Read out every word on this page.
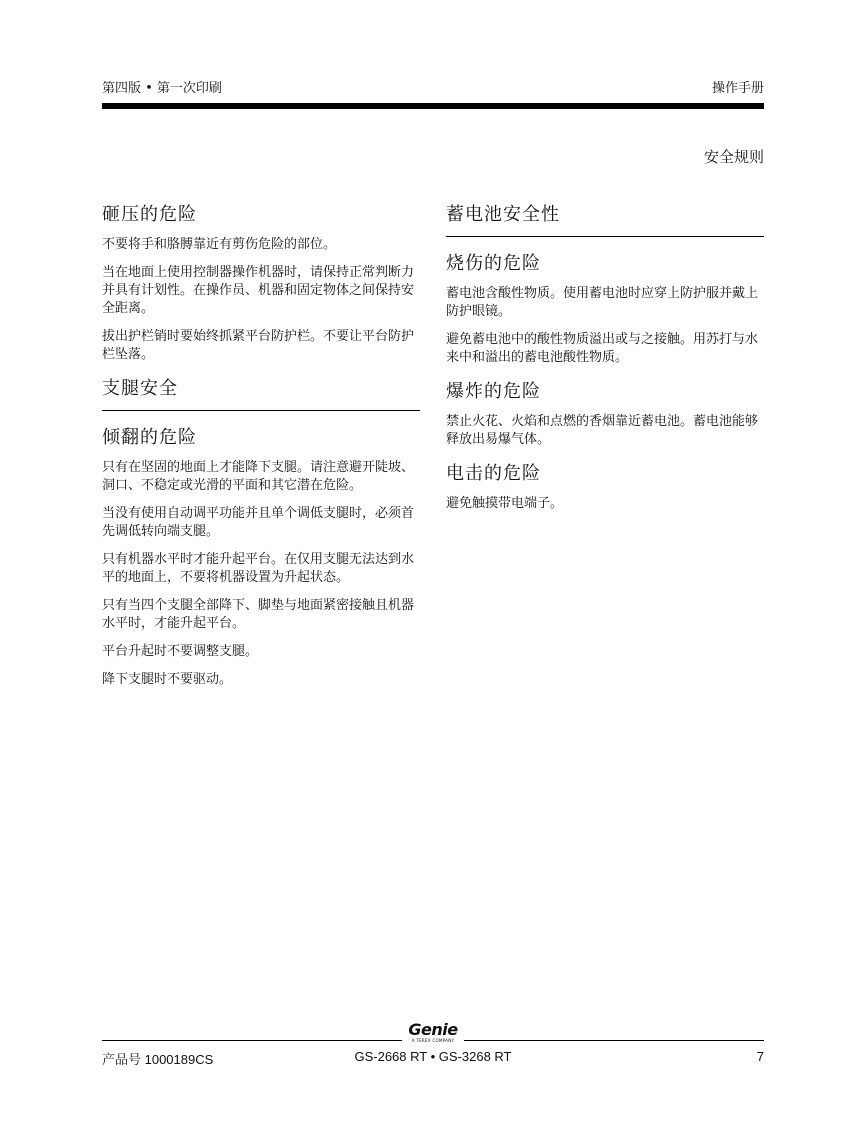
第四版 • 第一次印刷	操作手册
安全规则
砸压的危险

不要将手和胳膊靠近有剪伤危险的部位。

当在地面上使用控制器操作机器时，请保持正常判断力并具有计划性。在操作员、机器和固定物体之间保持安全距离。

拔出护栏销时要始终抓紧平台防护栏。不要让平台防护栏坠落。

支腿安全
倾翻的危险

只有在坚固的地面上才能降下支腿。请注意避开陡坡、洞口、不稳定或光滑的平面和其它潜在危险。

当没有使用自动调平功能并且单个调低支腿时，必须首先调低转向端支腿。

只有机器水平时才能升起平台。在仅用支腿无法达到水平的地面上，不要将机器设置为升起状态。

只有当四个支腿全部降下、脚垫与地面紧密接触且机器水平时，才能升起平台。

平台升起时不要调整支腿。

降下支腿时不要驱动。

蓄电池安全性
烧伤的危险

蓄电池含酸性物质。使用蓄电池时应穿上防护服并戴上防护眼镜。

避免蓄电池中的酸性物质溢出或与之接触。用苏打与水来中和溢出的蓄电池酸性物质。

爆炸的危险

禁止火花、火焰和点燃的香烟靠近蓄电池。蓄电池能够释放出易爆气体。

电击的危险

避免触摸带电端子。

Genie
A TEREX COMPANY
产品号 1000189CS	GS-2668 RT • GS-3268 RT	7
